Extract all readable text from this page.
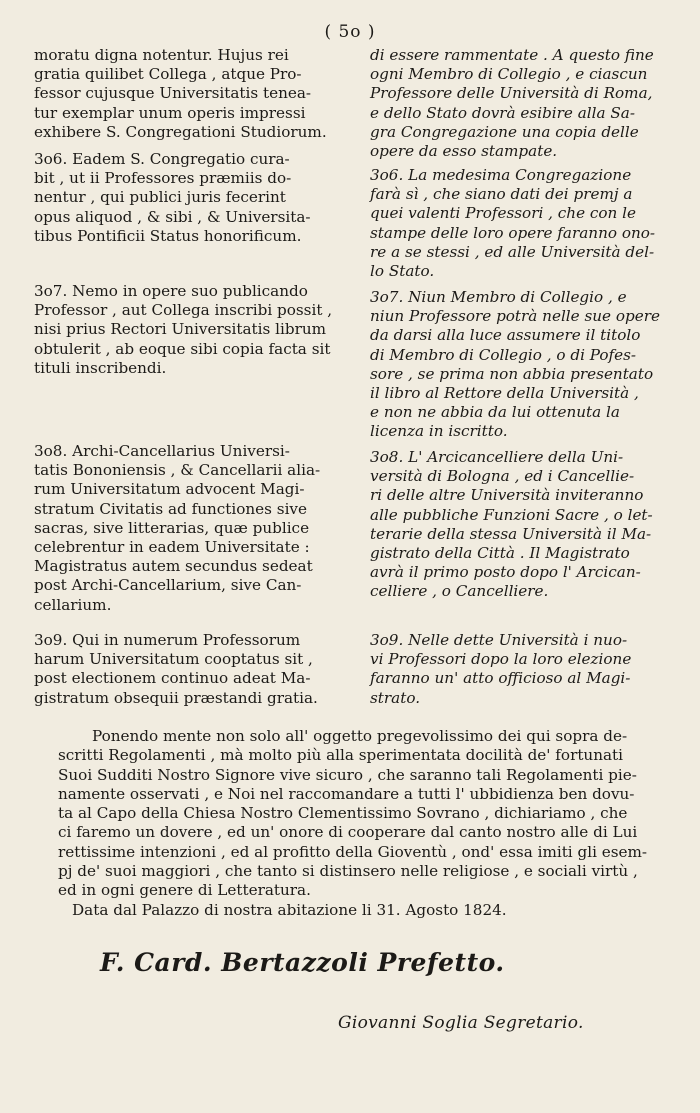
( 5o )

moratu digna notentur. Hujus rei
gratia quilibet Collega , atque Pro-
fessor cujusque Universitatis tenea-
tur exemplar unum operis impressi
exhibere S. Congregationi Studiorum.

3o6. Eadem S. Congregatio cura-
bit , ut ii Professores præmiis do-
nentur , qui publici juris fecerint
opus aliquod , & sibi , & Universita-
tibus Pontificii Status honorificum.

3o7. Nemo in opere suo publicando
Professor , aut Collega inscribi possit ,
nisi prius Rectori Universitatis librum
obtulerit , ab eoque sibi copia facta sit
tituli inscribendi.

3o8. Archi-Cancellarius Universi-
tatis Bononiensis , & Cancellarii alia-
rum Universitatum advocent Magi-
stratum Civitatis ad functiones sive
sacras, sive litterarias, quæ publice
celebrentur in eadem Universitate :
Magistratus autem secundus sedeat
post Archi-Cancellarium, sive Can-
cellarium.

3o9. Qui in numerum Professorum
harum Universitatum cooptatus sit ,
post electionem continuo adeat Ma-
gistratum obsequii præstandi gratia.

di essere rammentate . A questo fine
ogni Membro di Collegio , e ciascun
Professore delle Università di Roma,
e dello Stato dovrà esibire alla Sa-
gra Congregazione una copia delle
opere da esso stampate.

3o6. La medesima Congregazione
farà sì , che siano dati dei premj a
quei valenti Professori , che con le
stampe delle loro opere faranno ono-
re a se stessi , ed alle Università del-
lo Stato.

3o7. Niun Membro di Collegio , e
niun Professore potrà nelle sue opere
da darsi alla luce assumere il titolo
di Membro di Collegio , o di Pofes-
sore , se prima non abbia presentato
il libro al Rettore della Università ,
e non ne abbia da lui ottenuta la
licenza in iscritto.

3o8. L' Arcicancelliere della Uni-
versità di Bologna , ed i Cancellie-
ri delle altre Università inviteranno
alle pubbliche Funzioni Sacre , o let-
terarie della stessa Università il Ma-
gistrato della Città . Il Magistrato
avrà il primo posto dopo l' Arcican-
celliere , o Cancelliere.

3o9. Nelle dette Università i nuo-
vi Professori dopo la loro elezione
faranno un' atto officioso al Magi-
strato.

Ponendo mente non solo all' oggetto pregevolissimo dei qui sopra de-
scritti Regolamenti , mà molto più alla sperimentata docilità de' fortunati
Suoi Sudditi Nostro Signore vive sicuro , che saranno tali Regolamenti pie-
namente osservati , e Noi nel raccomandare a tutti l' ubbidienza ben dovu-
ta al Capo della Chiesa Nostro Clementissimo Sovrano , dichiariamo , che
ci faremo un dovere , ed un' onore di cooperare dal canto nostro alle di Lui
rettissime intenzioni , ed al profitto della Gioventù , ond' essa imiti gli esem-
pj de' suoi maggiori , che tanto si distinsero nelle religiose , e sociali virtù ,
ed in ogni genere di Letteratura.
Data dal Palazzo di nostra abitazione li 31. Agosto 1824.
F. Card. Bertazzoli Prefetto.
Giovanni Soglia Segretario.
